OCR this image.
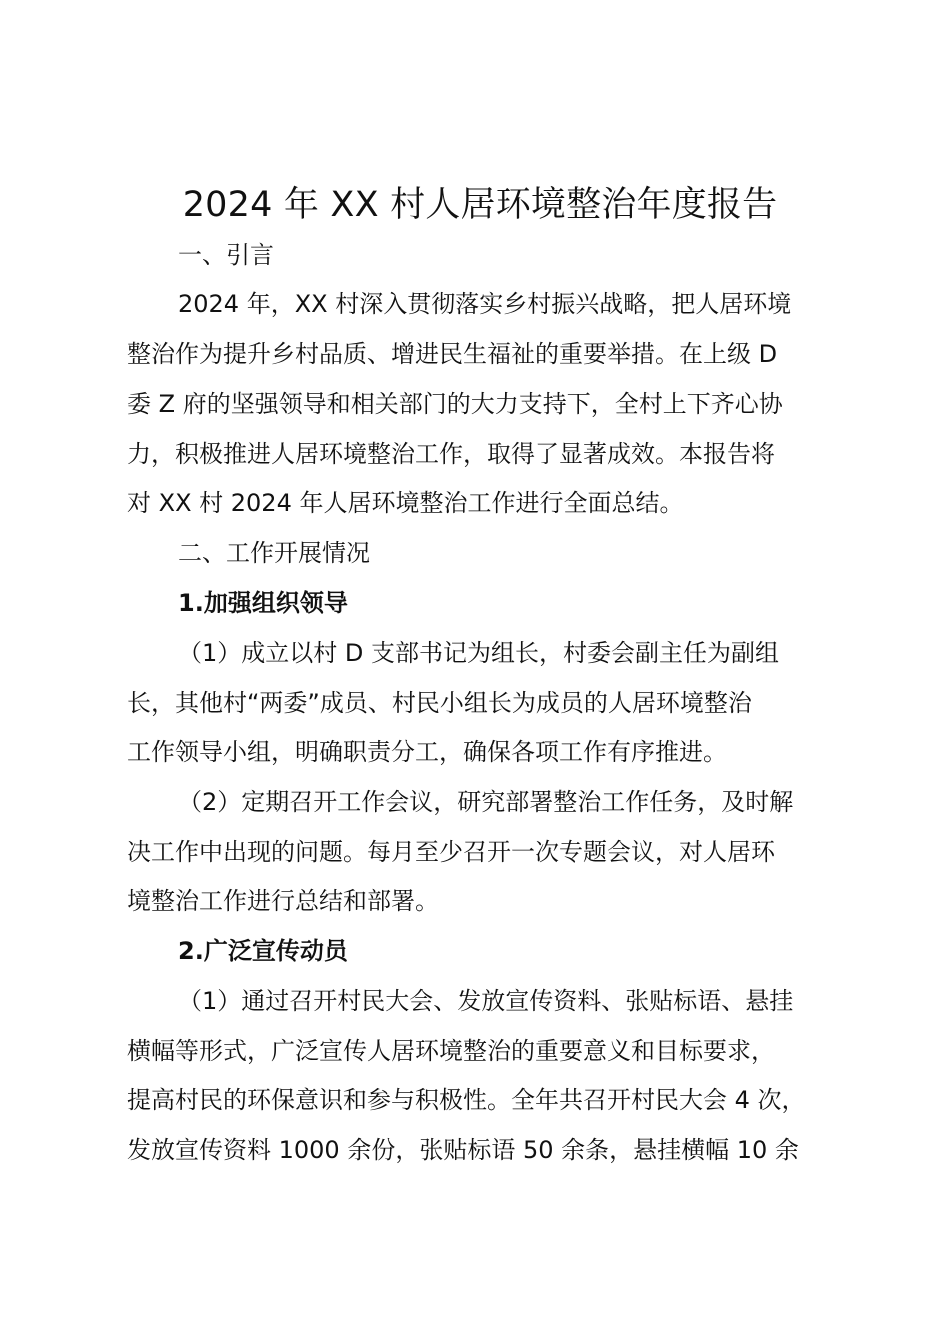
2024 年 XX 村人居环境整治年度报告

一、引言

2024 年，XX 村深入贯彻落实乡村振兴战略，把人居环境

整治作为提升乡村品质、增进民生福祉的重要举措。在上级 D

委 Z 府的坚强领导和相关部门的大力支持下，全村上下齐心协

力，积极推进人居环境整治工作，取得了显著成效。本报告将

对 XX 村 2024 年人居环境整治工作进行全面总结。

二、工作开展情况

1.加强组织领导

（1）成立以村 D 支部书记为组长，村委会副主任为副组

长，其他村“两委”成员、村民小组长为成员的人居环境整治

工作领导小组，明确职责分工，确保各项工作有序推进。

（2）定期召开工作会议，研究部署整治工作任务，及时解

决工作中出现的问题。每月至少召开一次专题会议，对人居环

境整治工作进行总结和部署。

2.广泛宣传动员

（1）通过召开村民大会、发放宣传资料、张贴标语、悬挂

横幅等形式，广泛宣传人居环境整治的重要意义和目标要求，

提高村民的环保意识和参与积极性。全年共召开村民大会 4 次，

发放宣传资料 1000 余份，张贴标语 50 余条，悬挂横幅 10 余
